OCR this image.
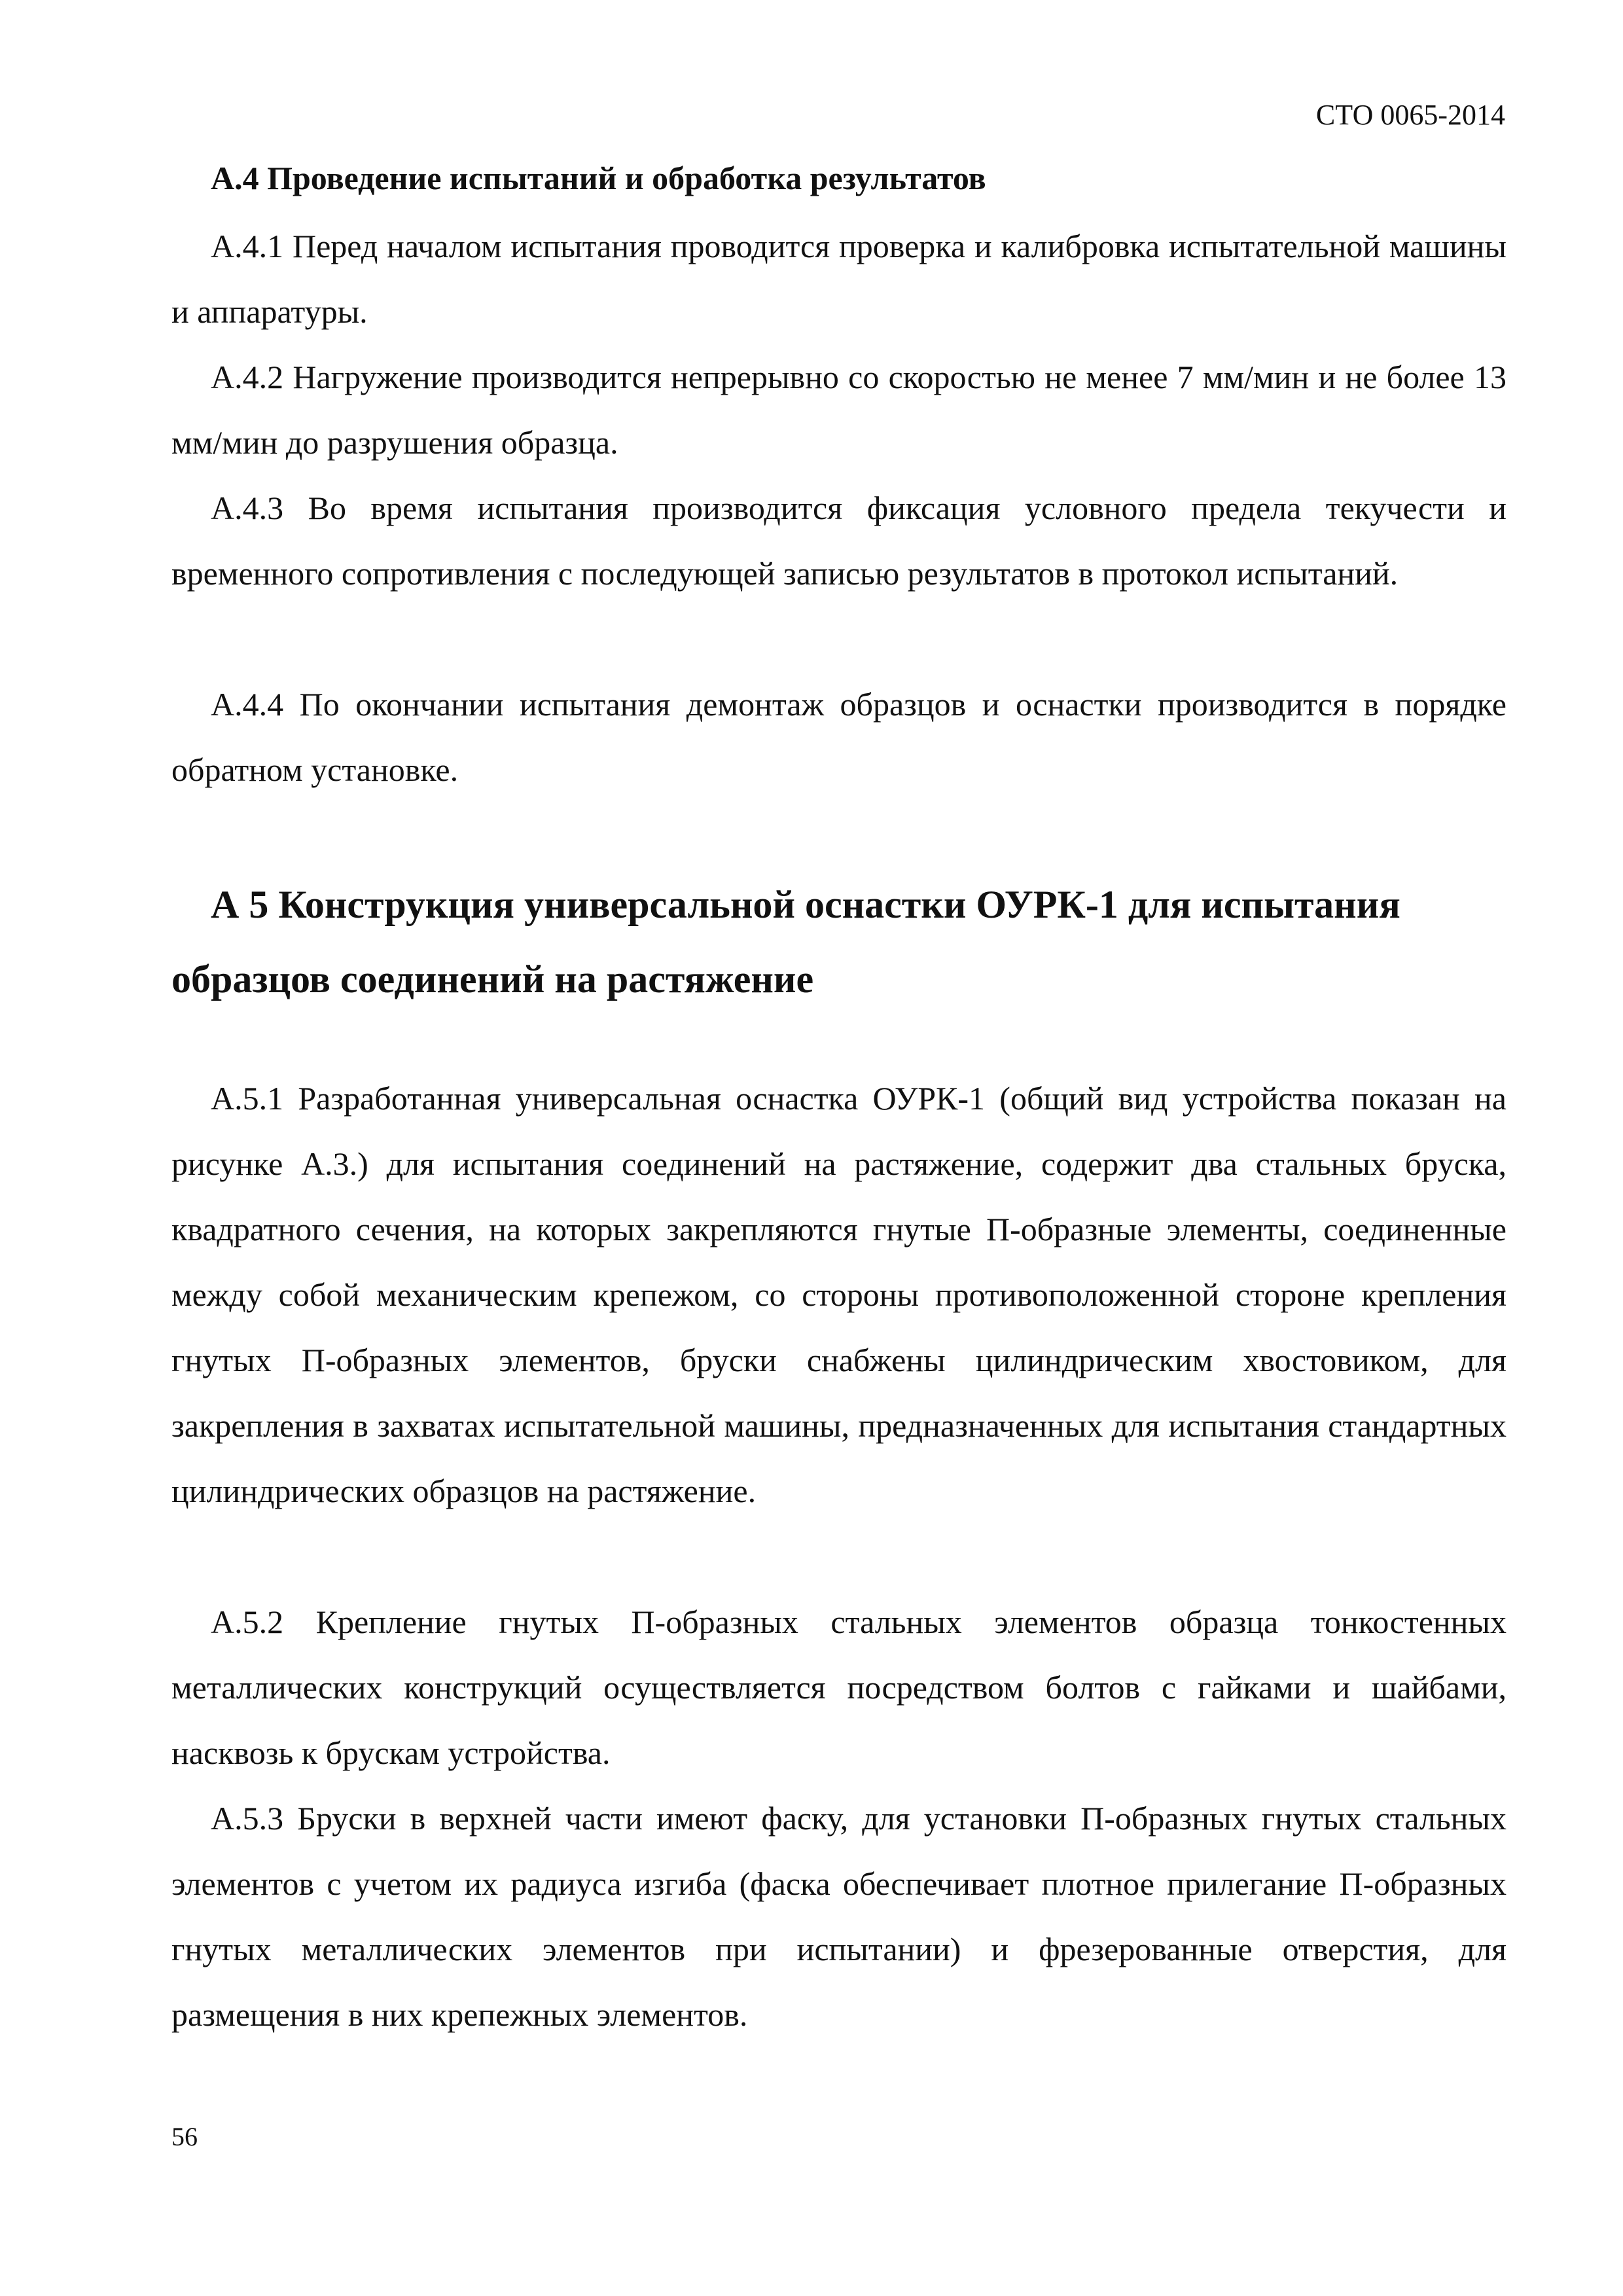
СТО 0065-2014
А.4 Проведение испытаний и обработка результатов

А.4.1 Перед началом испытания проводится проверка и калибровка испытательной машины и аппаратуры.

А.4.2 Нагружение производится непрерывно со скоростью не менее 7 мм/мин и не более 13 мм/мин до разрушения образца.

А.4.3 Во время испытания производится фиксация условного предела текучести и временного сопротивления с последующей записью результатов в протокол испытаний.

А.4.4 По окончании испытания демонтаж образцов и оснастки производится в порядке обратном установке.

А 5 Конструкция универсальной оснастки ОУРК-1 для испытания образцов соединений на растяжение

А.5.1 Разработанная универсальная оснастка ОУРК-1 (общий вид устройства показан на рисунке А.3.) для испытания соединений на растяжение, содержит два стальных бруска, квадратного сечения, на которых закрепляются гнутые П-образные элементы, соединенные между собой механическим крепежом, со стороны противоположенной стороне крепления гнутых П-образных элементов, бруски снабжены цилиндрическим хвостовиком, для закрепления в захватах испытательной машины, предназначенных для испытания стандартных цилиндрических образцов на растяжение.

А.5.2 Крепление гнутых П-образных стальных элементов образца тонкостенных металлических конструкций осуществляется посредством болтов с гайками и шайбами, насквозь к брускам устройства.

А.5.3 Бруски в верхней части имеют фаску, для установки П-образных гнутых стальных элементов с учетом их радиуса изгиба (фаска обеспечивает плотное прилегание П-образных гнутых металлических элементов при испытании) и фрезерованные отверстия, для размещения в них крепежных элементов.

56
